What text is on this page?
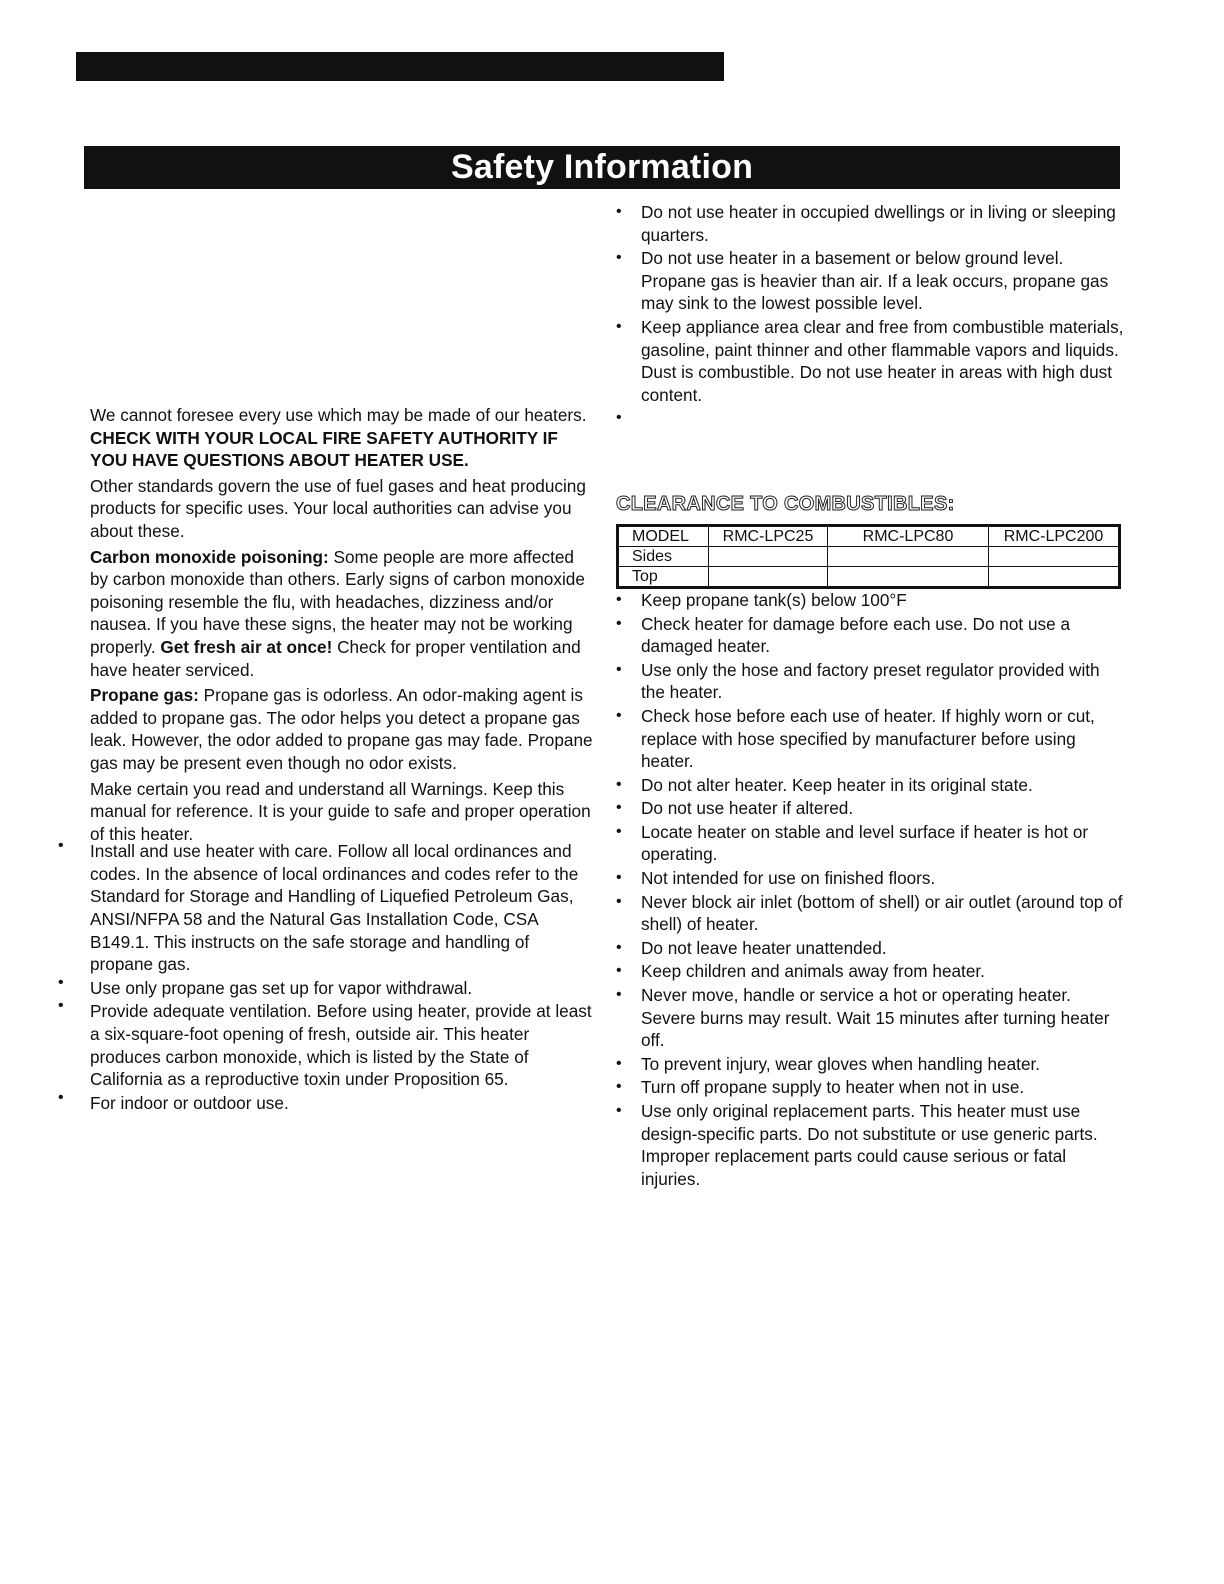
Safety Information

We cannot foresee every use which may be made of our heaters. CHECK WITH YOUR LOCAL FIRE SAFETY AUTHORITY IF YOU HAVE QUESTIONS ABOUT HEATER USE.

Other standards govern the use of fuel gases and heat producing products for specific uses. Your local authorities can advise you about these.

Carbon monoxide poisoning: Some people are more affected by carbon monoxide than others. Early signs of carbon monoxide poisoning resemble the flu, with headaches, dizziness and/or nausea. If you have these signs, the heater may not be working properly. Get fresh air at once! Check for proper ventilation and have heater serviced.

Propane gas: Propane gas is odorless. An odor-making agent is added to propane gas. The odor helps you detect a propane gas leak. However, the odor added to propane gas may fade. Propane gas may be present even though no odor exists.

Make certain you read and understand all Warnings. Keep this manual for reference. It is your guide to safe and proper operation of this heater.

• Install and use heater with care. Follow all local ordinances and codes. In the absence of local ordinances and codes refer to the Standard for Storage and Handling of Liquefied Petroleum Gas, ANSI/NFPA 58 and the Natural Gas Installation Code, CSA B149.1. This instructs on the safe storage and handling of propane gas.
• Use only propane gas set up for vapor withdrawal.
• Provide adequate ventilation. Before using heater, provide at least a six-square-foot opening of fresh, outside air. This heater produces carbon monoxide, which is listed by the State of California as a reproductive toxin under Proposition 65.
• For indoor or outdoor use.
• Do not use heater in occupied dwellings or in living or sleeping quarters.
• Do not use heater in a basement or below ground level. Propane gas is heavier than air. If a leak occurs, propane gas may sink to the lowest possible level.
• Keep appliance area clear and free from combustible materials, gasoline, paint thinner and other flammable vapors and liquids. Dust is combustible. Do not use heater in areas with high dust content.
•
CLEARANCE TO COMBUSTIBLES:
MODEL	RMC-LPC25	RMC-LPC80	RMC-LPC200
Sides			
Top			
• Keep propane tank(s) below 100°F
• Check heater for damage before each use. Do not use a damaged heater.
• Use only the hose and factory preset regulator provided with the heater.
• Check hose before each use of heater. If highly worn or cut, replace with hose specified by manufacturer before using heater.
• Do not alter heater. Keep heater in its original state.
• Do not use heater if altered.
• Locate heater on stable and level surface if heater is hot or operating.
• Not intended for use on finished floors.
• Never block air inlet (bottom of shell) or air outlet (around top of shell) of heater.
• Do not leave heater unattended.
• Keep children and animals away from heater.
• Never move, handle or service a hot or operating heater. Severe burns may result. Wait 15 minutes after turning heater off.
• To prevent injury, wear gloves when handling heater.
• Turn off propane supply to heater when not in use.
• Use only original replacement parts. This heater must use design-specific parts. Do not substitute or use generic parts. Improper replacement parts could cause serious or fatal injuries.
